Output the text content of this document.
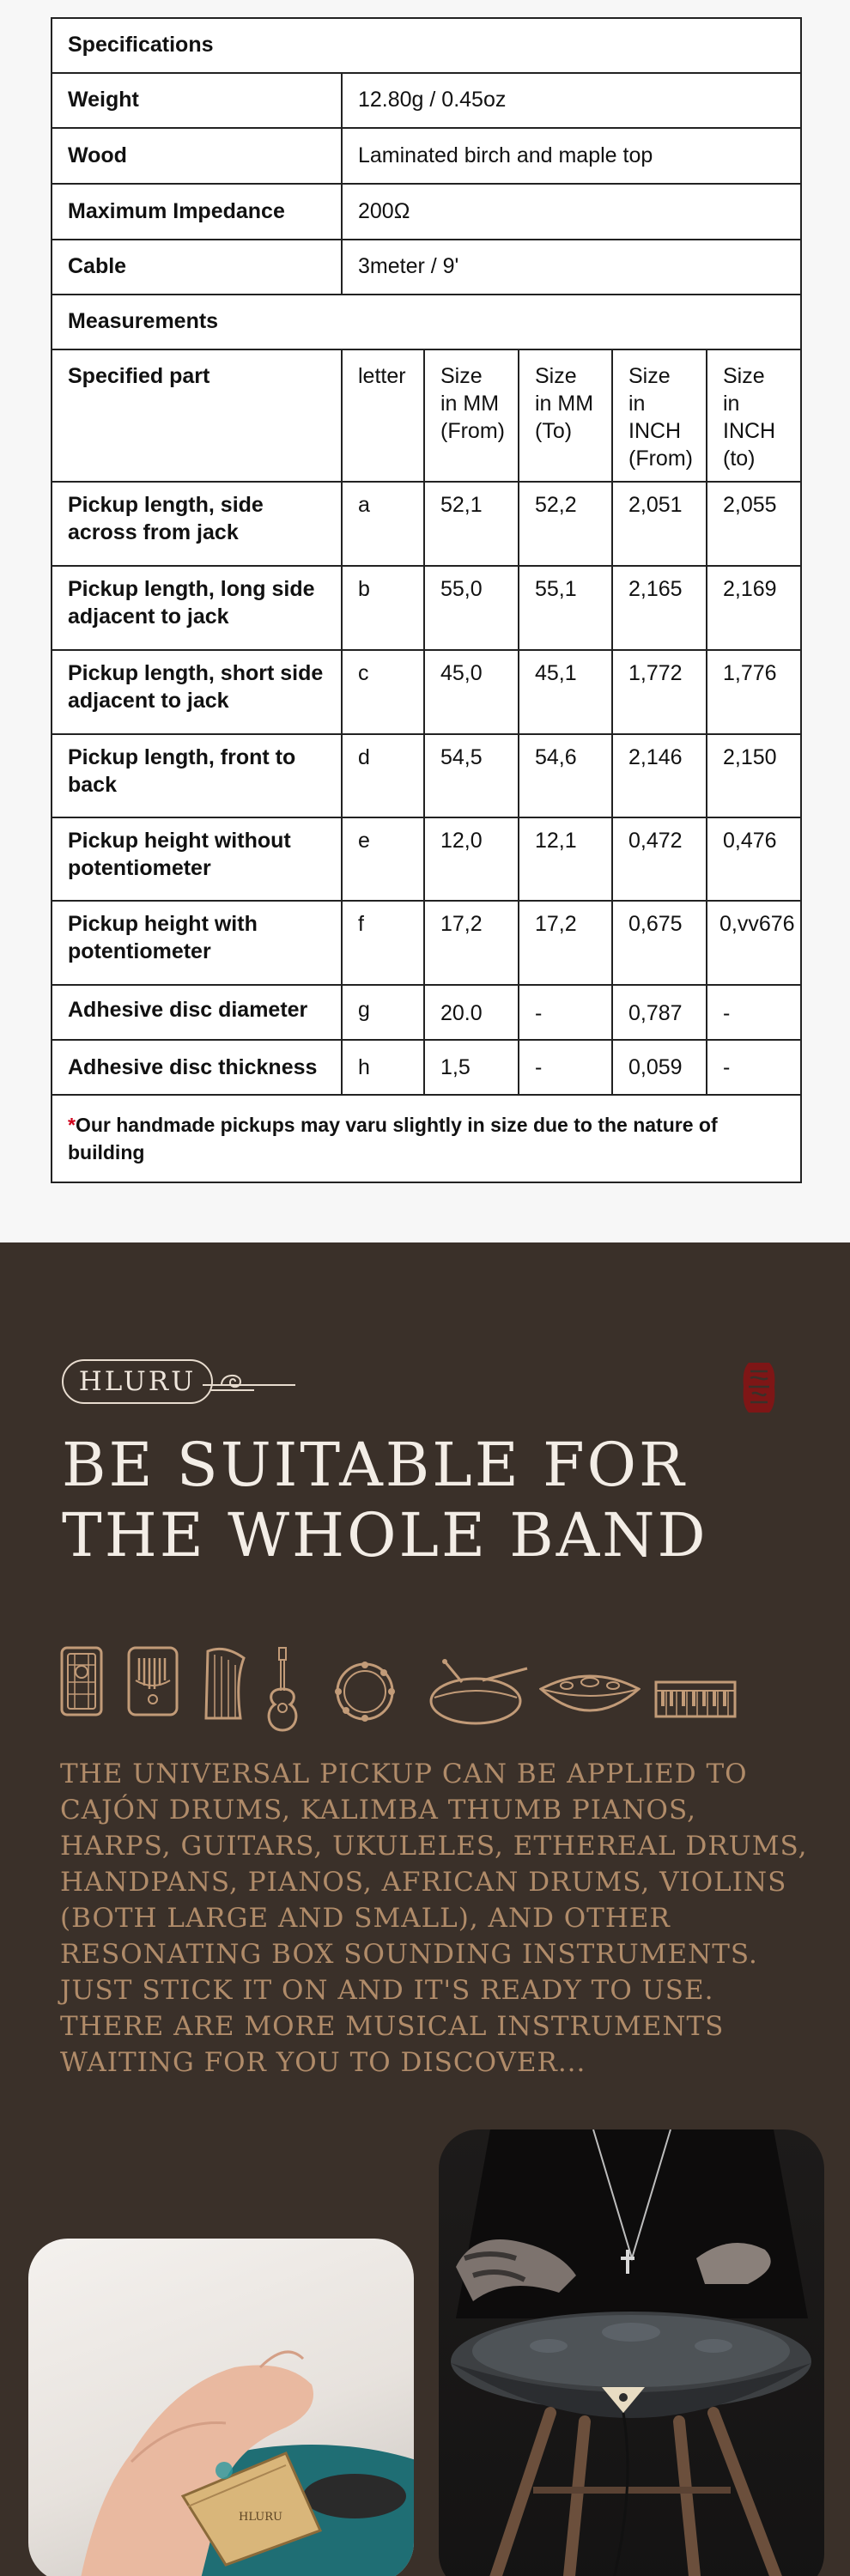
Specifications					
Weight	12.80g / 0.45oz				
Wood	Laminated birch and maple top				
Maximum Impedance	200Ω				
Cable	3meter / 9'				
Measurements					
Specified part	letter	Size in MM (From)	Size in MM (To)	Size in INCH (From)	Size in INCH (to)
Pickup length, side across from jack	a	52,1	52,2	2,051	2,055
Pickup length, long side adjacent to jack	b	55,0	55,1	2,165	2,169
Pickup length, short side adjacent to jack	c	45,0	45,1	1,772	1,776
Pickup length, front to back	d	54,5	54,6	2,146	2,150
Pickup height without potentiometer	e	12,0	12,1	0,472	0,476
Pickup height with potentiometer	f	17,2	17,2	0,675	0,vv676
Adhesive disc diameter	g	20.0	-	0,787	-
Adhesive disc thickness	h	1,5	-	0,059	-
*Our handmade pickups may varu slightly in size due to the nature of building					
HLURU
BE SUITABLE FOR
THE WHOLE BAND

THE UNIVERSAL PICKUP CAN BE APPLIED TO CAJÓN DRUMS, KALIMBA THUMB PIANOS, HARPS, GUITARS, UKULELES, ETHEREAL DRUMS, HANDPANS, PIANOS, AFRICAN DRUMS, VIOLINS (BOTH LARGE AND SMALL), AND OTHER RESONATING BOX SOUNDING INSTRUMENTS. JUST STICK IT ON AND IT'S READY TO USE. THERE ARE MORE MUSICAL INSTRUMENTS WAITING FOR YOU TO DISCOVER...

HLURU
